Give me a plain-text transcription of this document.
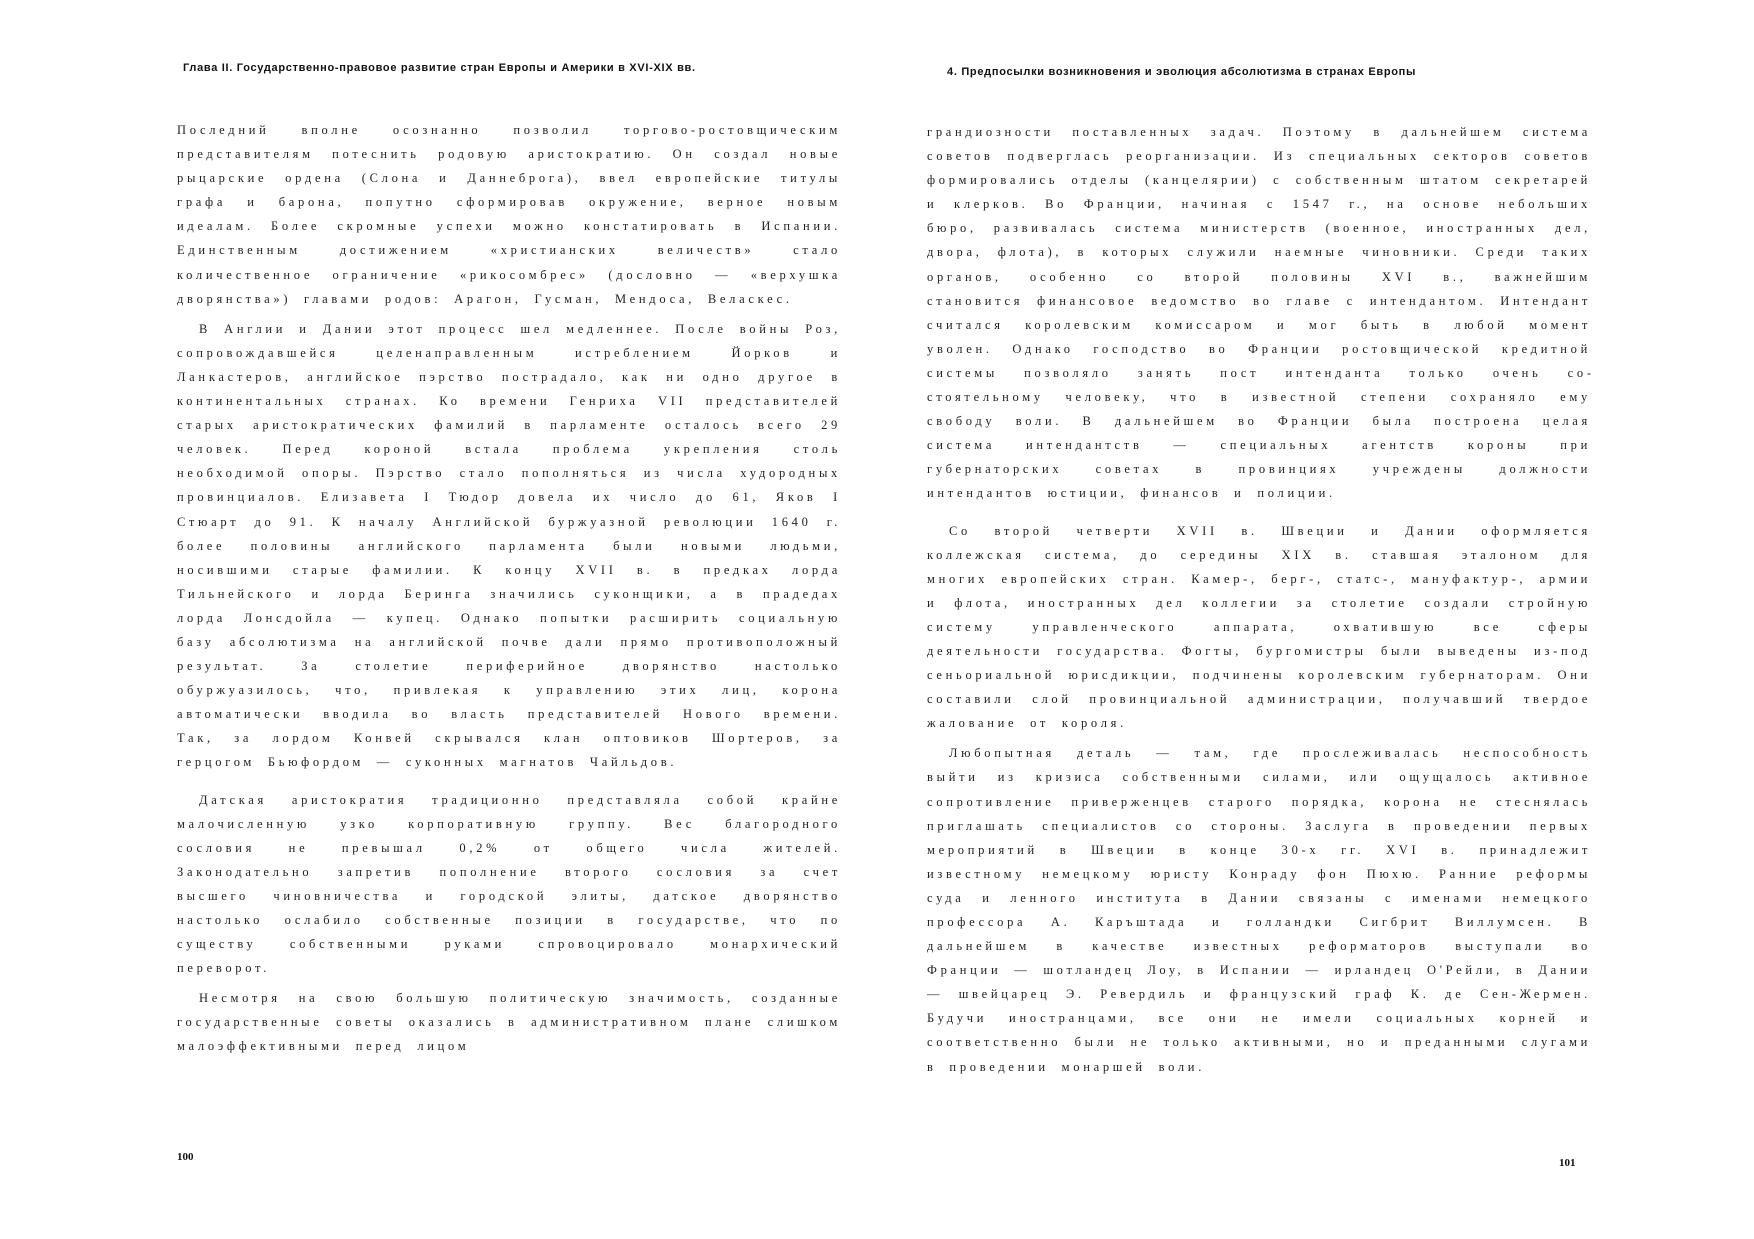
Глава II. Государственно-правовое развитие стран Европы и Америки в XVI-XIX вв.

Последний вполне осознанно позволил торгово-ростовщическим представителям потеснить родовую аристократию. Он создал новые рыцарские ордена (Слона и Даннеброга), ввел европейские титулы графа и барона, попутно сформировав окружение, верное новым идеалам. Более скромные успехи можно констатировать в Испании. Единственным достижением «христианских величеств» стало количественное ограничение «рикосомбрес» (дословно — «верхушка дворянства») главами родов: Арагон, Гусман, Мендоса, Веласкес.

В Англии и Дании этот процесс шел медленнее. После войны Роз, сопровождавшейся целенаправленным истреблением Йорков и Ланкастеров, английское пэрство пострадало, как ни одно другое в континентальных странах. Ко времени Генриха VII представителей старых аристократических фамилий в парламенте осталось всего 29 человек. Перед короной встала проблема укрепления столь необходимой опоры. Пэрство стало пополняться из числа худородных провинциалов. Елизавета I Тюдор довела их число до 61, Яков I Стюарт до 91. К началу Английской буржуазной революции 1640 г. более половины английского парламента были новыми людьми, носившими старые фамилии. К концу XVII в. в предках лорда Тильнейского и лорда Беринга значились суконщики, а в прадедах лорда Лонсдойла — купец. Однако попытки расширить социальную базу абсолютизма на английской почве дали прямо противоположный результат. За столетие периферийное дворянство настолько обуржуазилось, что, привлекая к управлению этих лиц, корона автоматически вводила во власть представителей Нового времени. Так, за лордом Конвей скрывался клан оптовиков Шортеров, за герцогом Бьюфордом — суконных магнатов Чайльдов.

Датская аристократия традиционно представляла собой крайне малочисленную узко корпоративную группу. Вес благородного сословия не превышал 0,2% от общего числа жителей. Законодательно запретив пополнение второго сословия за счет высшего чиновничества и городской элиты, датское дворянство настолько ослабило собственные позиции в государстве, что по существу собственными руками спровоцировало монархический переворот.

Несмотря на свою большую политическую значимость, созданные государственные советы оказались в административном плане слишком малоэффективными перед лицом

100
4. Предпосылки возникновения и эволюция абсолютизма в странах Европы

грандиозности поставленных задач. Поэтому в дальнейшем система советов подверглась реорганизации. Из специальных секторов советов формировались отделы (канцелярии) с собственным штатом секретарей и клерков. Во Франции, начиная с 1547 г., на основе небольших бюро, развивалась система министерств (военное, иностранных дел, двора, флота), в которых служили наемные чиновники. Среди таких органов, особенно со второй половины XVI в., важнейшим становится финансовое ведомство во главе с интендантом. Интендант считался королевским комиссаром и мог быть в любой момент уволен. Однако господство во Франции ростовщической кредитной системы позволяло занять пост интенданта только очень состоятельному человеку, что в известной степени сохраняло ему свободу воли. В дальнейшем во Франции была построена целая система интендантств — специальных агентств короны при губернаторских советах в провинциях учреждены должности интендантов юстиции, финансов и полиции.

Со второй четверти XVII в. Швеции и Дании оформляется коллежская система, до середины XIX в. ставшая эталоном для многих европейских стран. Камер-, берг-, статс-, мануфактур-, армии и флота, иностранных дел коллегии за столетие создали стройную систему управленческого аппарата, охватившую все сферы деятельности государства. Фогты, бургомистры были выведены из-под сеньориальной юрисдикции, подчинены королевским губернаторам. Они составили слой провинциальной администрации, получавший твердое жалование от короля.

Любопытная деталь — там, где прослеживалась неспособность выйти из кризиса собственными силами, или ощущалось активное сопротивление приверженцев старого порядка, корона не стеснялась приглашать специалистов со стороны. Заслуга в проведении первых мероприятий в Швеции в конце 30-х гг. XVI в. принадлежит известному немецкому юристу Конраду фон Пюхю. Ранние реформы суда и ленного института в Дании связаны с именами немецкого профессора А. Каръштада и голландки Сигбрит Виллумсен. В дальнейшем в качестве известных реформаторов выступали во Франции — шотландец Лоу, в Испании — ирландец О'Рейли, в Дании — швейцарец Э. Ревердиль и французский граф К. де Сен-Жермен. Будучи иностранцами, все они не имели социальных корней и соответственно были не только активными, но и преданными слугами в проведении монаршей воли.

101
